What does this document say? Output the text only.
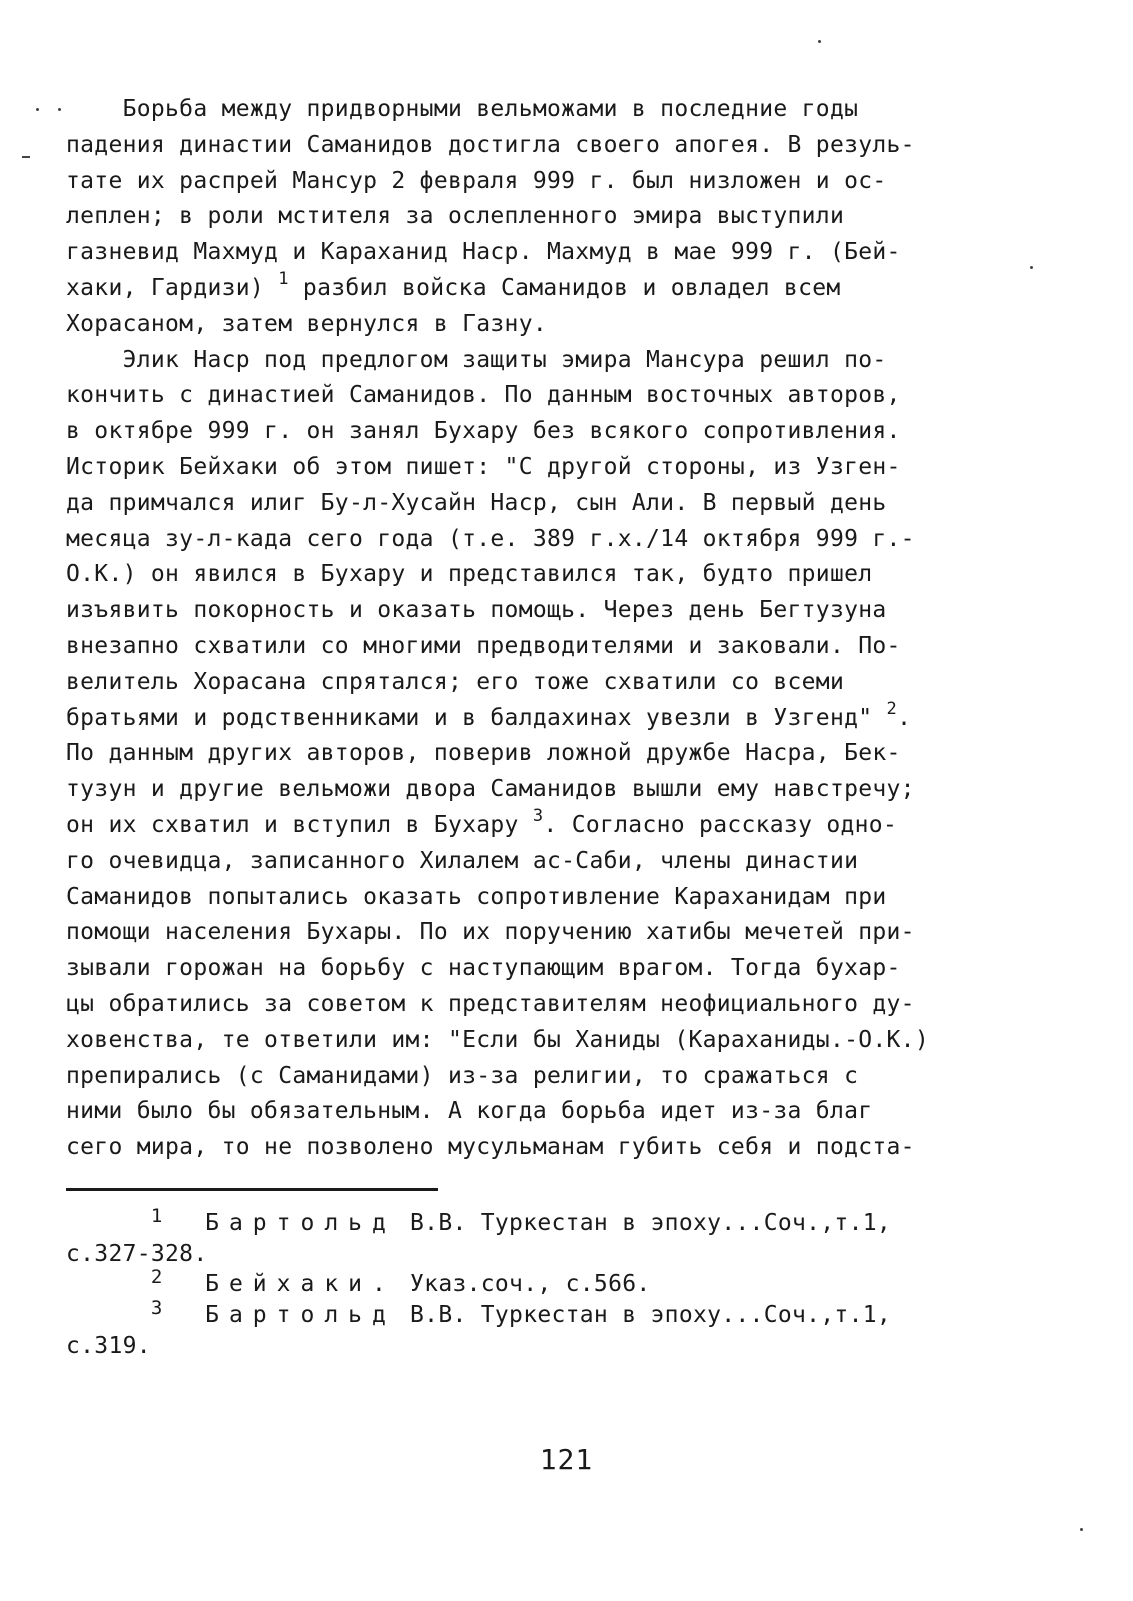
Борьба между придворными вельможами в последние годы
падения династии Саманидов достигла своего апогея. В резуль-
тате их распрей Мансур 2 февраля 999 г. был низложен и ос-
леплен; в роли мстителя за ослепленного эмира выступили
газневид Махмуд и Караханид Наср. Махмуд в мае 999 г. (Бей-
хаки, Гардизи) $^1$ разбил войска Саманидов и овладел всем
Хорасаном, затем вернулся в Газну.
Элик Наср под предлогом защиты эмира Мансура решил по-
кончить с династией Саманидов. По данным восточных авторов,
в октябре 999 г. он занял Бухару без всякого сопротивления.
Историк Бейхаки об этом пишет: "С другой стороны, из Узген-
да примчался илиг Бу-л-Хусайн Наср, сын Али. В первый день
месяца зу-л-када сего года (т.е. 389 г.х./14 октября 999 г.-
О.К.) он явился в Бухару и представился так, будто пришел
изъявить покорность и оказать помощь. Через день Бегтузуна
внезапно схватили со многими предводителями и заковали. По-
велитель Хорасана спрятался; его тоже схватили со всеми
братьями и родственниками и в балдахинах увезли в Узгенд" $^2$.
По данным других авторов, поверив ложной дружбе Насра, Бек-
тузун и другие вельможи двора Саманидов вышли ему навстречу;
он их схватил и вступил в Бухару $^3$. Согласно рассказу одно-
го очевидца, записанного Хилалем ас-Саби, члены династии
Саманидов попытались оказать сопротивление Караханидам при
помощи населения Бухары. По их поручению хатибы мечетей при-
зывали горожан на борьбу с наступающим врагом. Тогда бухар-
цы обратились за советом к представителям неофициального ду-
ховенства, те ответили им: "Если бы Ханиды (Караханиды.-О.К.)
препирались (с Саманидами) из-за религии, то сражаться с
ними было бы обязательным. А когда борьба идет из-за благ
сего мира, то не позволено мусульманам губить себя и подста-
$^1$ Бартольд В.В. Туркестан в эпоху...Соч.,т.1,
с.327-328.
$^2$ Бейхаки. Указ.соч., с.566.
$^3$ Бартольд В.В. Туркестан в эпоху...Соч.,т.1,
с.319.
121
